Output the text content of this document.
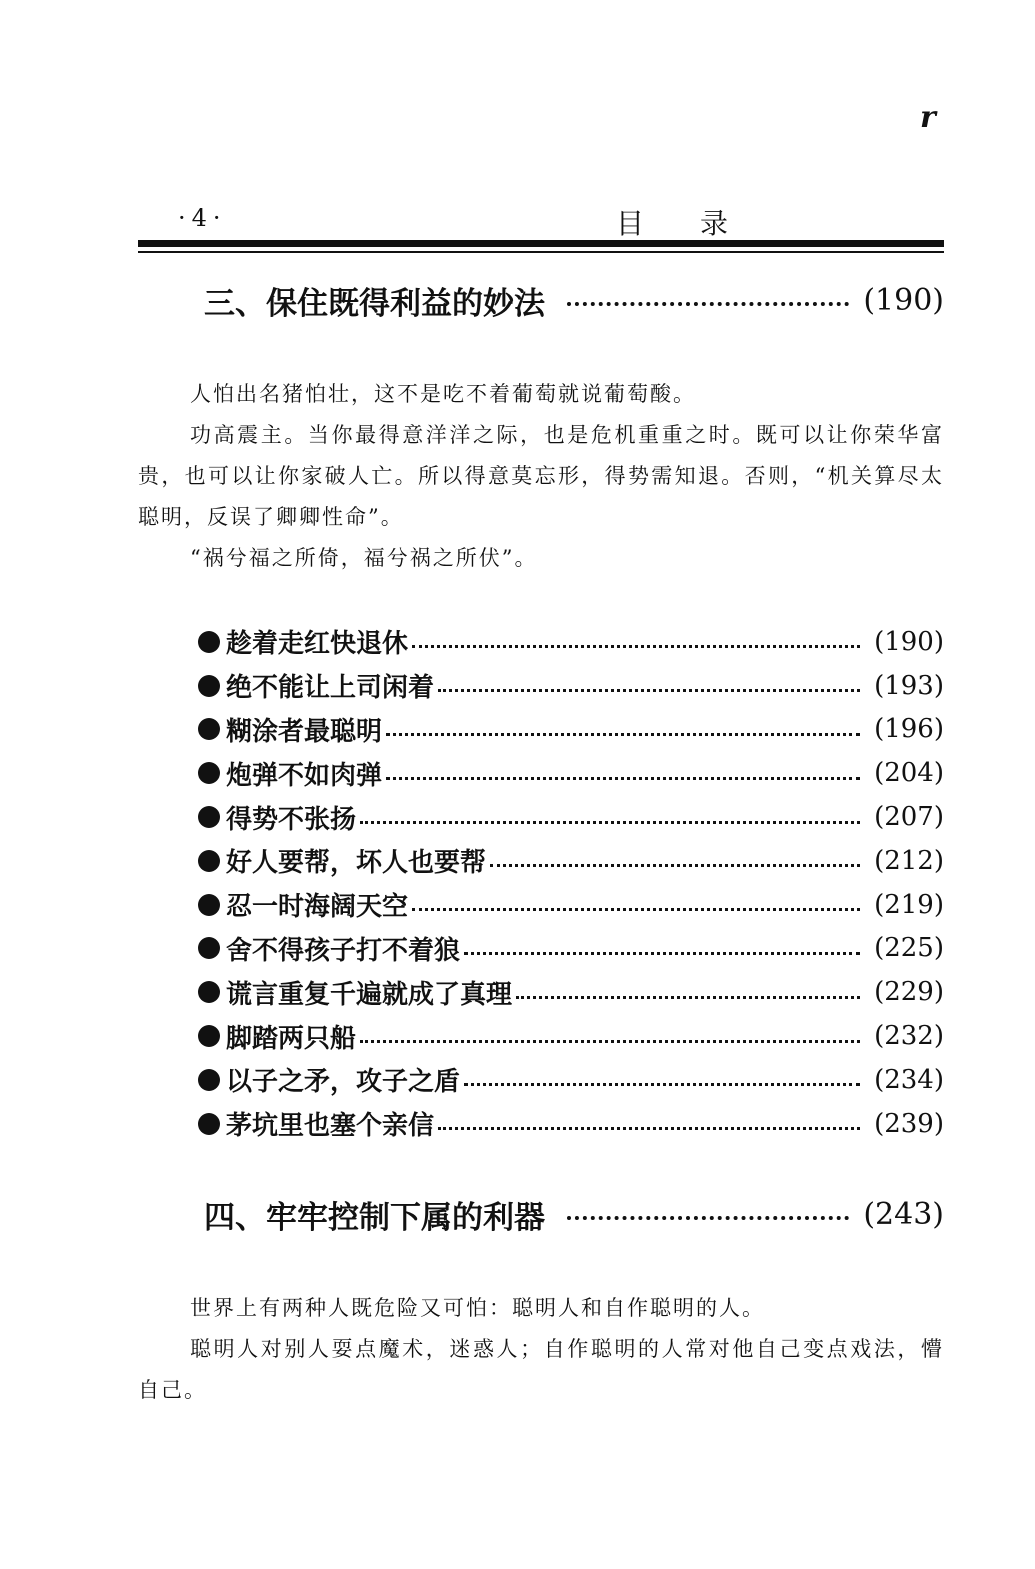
r
· 4 ·	目录
三、保住既得利益的妙法	(190)

人怕出名猪怕壮，这不是吃不着葡萄就说葡萄酸。

功高震主。当你最得意洋洋之际，也是危机重重之时。既可以让你荣华富贵，也可以让你家破人亡。所以得意莫忘形，得势需知退。否则，“机关算尽太聪明，反误了卿卿性命”。

“祸兮福之所倚，福兮祸之所伏”。

趁着走红快退休	(190)
绝不能让上司闲着	(193)
糊涂者最聪明	(196)
炮弹不如肉弹	(204)
得势不张扬	(207)
好人要帮，坏人也要帮	(212)
忍一时海阔天空	(219)
舍不得孩子打不着狼	(225)
谎言重复千遍就成了真理	(229)
脚踏两只船	(232)
以子之矛，攻子之盾	(234)
茅坑里也塞个亲信	(239)
四、牢牢控制下属的利器	(243)

世界上有两种人既危险又可怕：聪明人和自作聪明的人。

聪明人对别人耍点魔术，迷惑人；自作聪明的人常对他自己变点戏法，懵自己。
